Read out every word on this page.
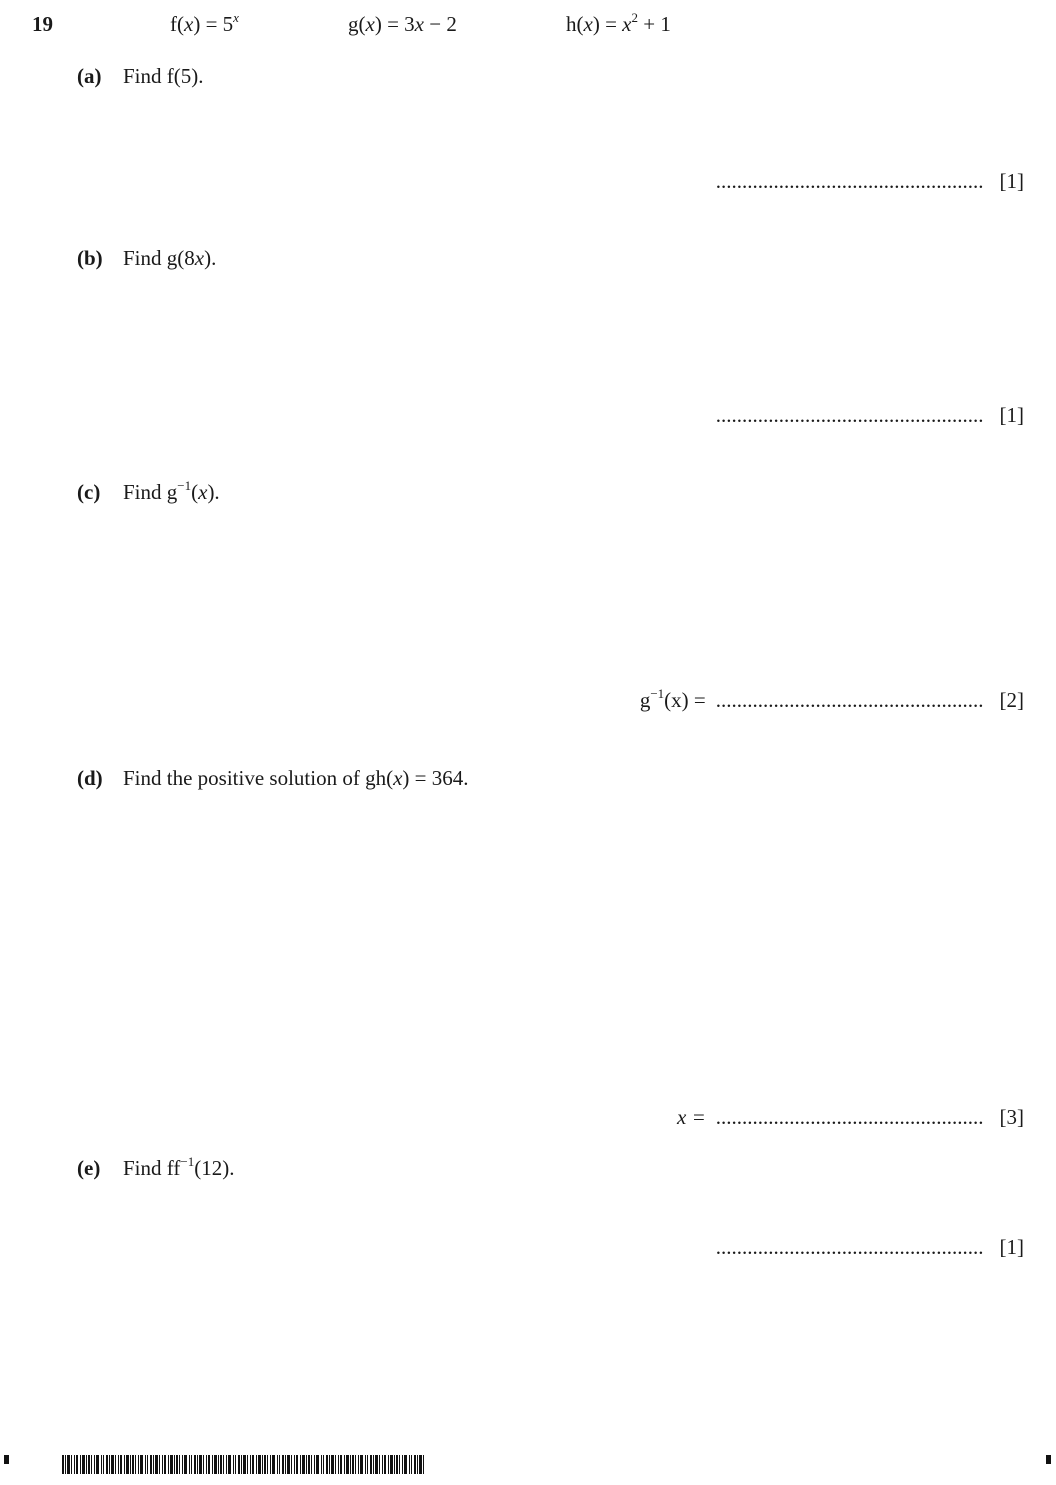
19	$f(x) = 5^x$	g(x) = 3x − 2	$h(x) = x^2 + 1$
(a) Find f(5).
................................................... [1]
(b) Find g(8x).
................................................... [1]
(c) Find $g^{-1}(x)$.
$g^{-1}(x)$ = ................................................... [2]
(d) Find the positive solution of gh(x) = 364.
x = ................................................... [3]
(e) Find $ff^{-1}(12)$.
................................................... [1]
